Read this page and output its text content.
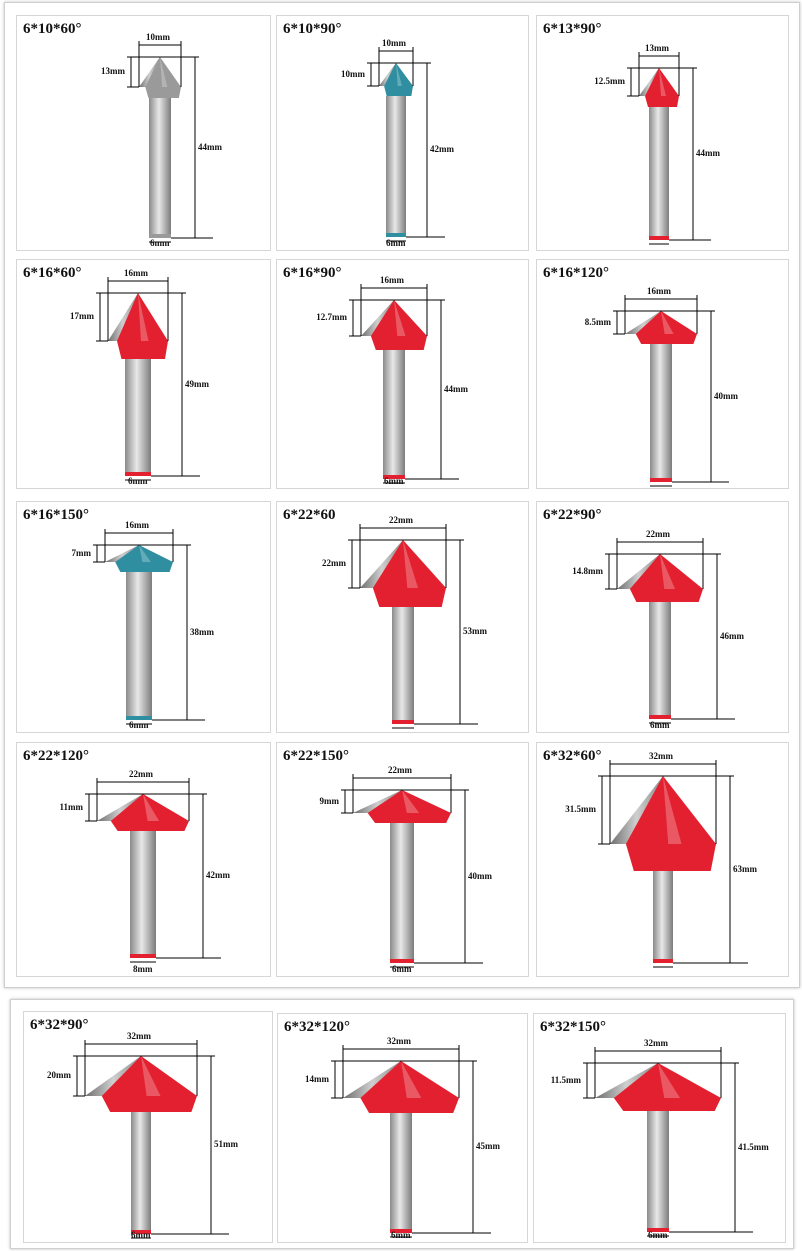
6*10*60°	10mm
13mm
44mm
6mm
6*10*90°
10mm
10mm
42mm
6mm
6*13*90°
13mm
12.5mm
44mm
6*16*60°	16mm
17mm
49mm
6mm
6*16*90°	16mm
12.7mm
44mm
6mm
6*16*120°
16mm
8.5mm
40mm
6*16*150°
16mm
7mm
38mm
6mm
6*22*60	22mm
22mm
53mm
6*22*90°
22mm
14.8mm
46mm
6mm
6*22*120°
22mm
11mm
42mm
8mm
6*22*150°
22mm
9mm
40mm
6mm
6*32*60°	32mm
31.5mm
63mm
6*32*90°
32mm
20mm
51mm
6mm
6*32*120°
32mm
14mm
45mm
6mm
6*32*150°
32mm
11.5mm
41.5mm
6mm
